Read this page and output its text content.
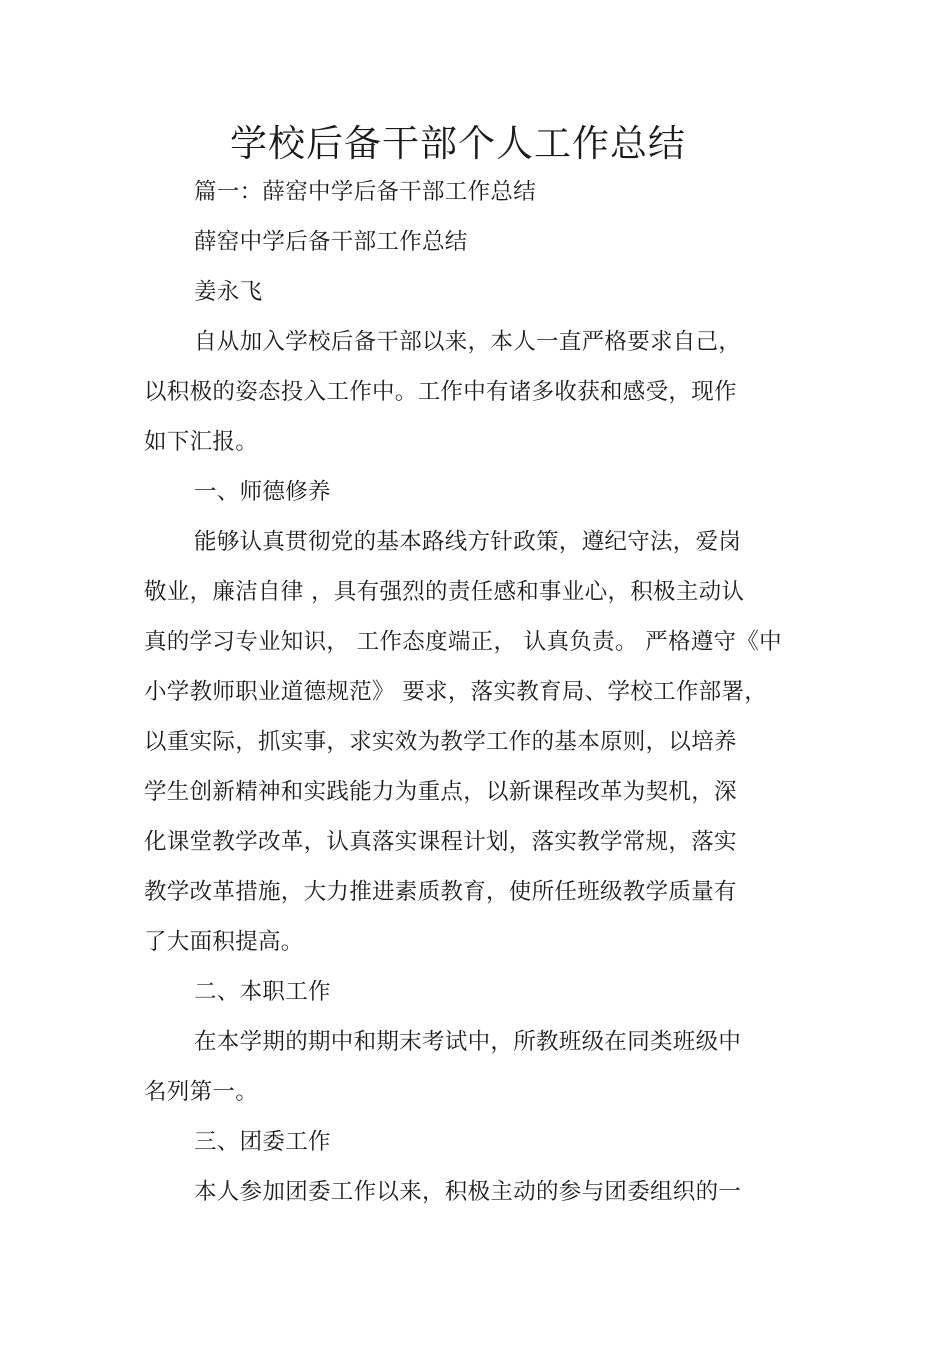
学校后备干部个人工作总结
篇一：薛窑中学后备干部工作总结
薛窑中学后备干部工作总结
姜永飞
自从加入学校后备干部以来，本人一直严格要求自己，
以积极的姿态投入工作中。工作中有诸多收获和感受，现作
如下汇报。
一、师德修养
能够认真贯彻党的基本路线方针政策，遵纪守法，爱岗
敬业，廉洁自律 ，具有强烈的责任感和事业心，积极主动认
真的学习专业知识， 工作态度端正， 认真负责。 严格遵守《中
小学教师职业道德规范》 要求，落实教育局、学校工作部署，
以重实际，抓实事，求实效为教学工作的基本原则，以培养
学生创新精神和实践能力为重点，以新课程改革为契机，深
化课堂教学改革，认真落实课程计划，落实教学常规，落实
教学改革措施，大力推进素质教育，使所任班级教学质量有
了大面积提高。
二、本职工作
在本学期的期中和期末考试中，所教班级在同类班级中
名列第一。
三、团委工作
本人参加团委工作以来，积极主动的参与团委组织的一
